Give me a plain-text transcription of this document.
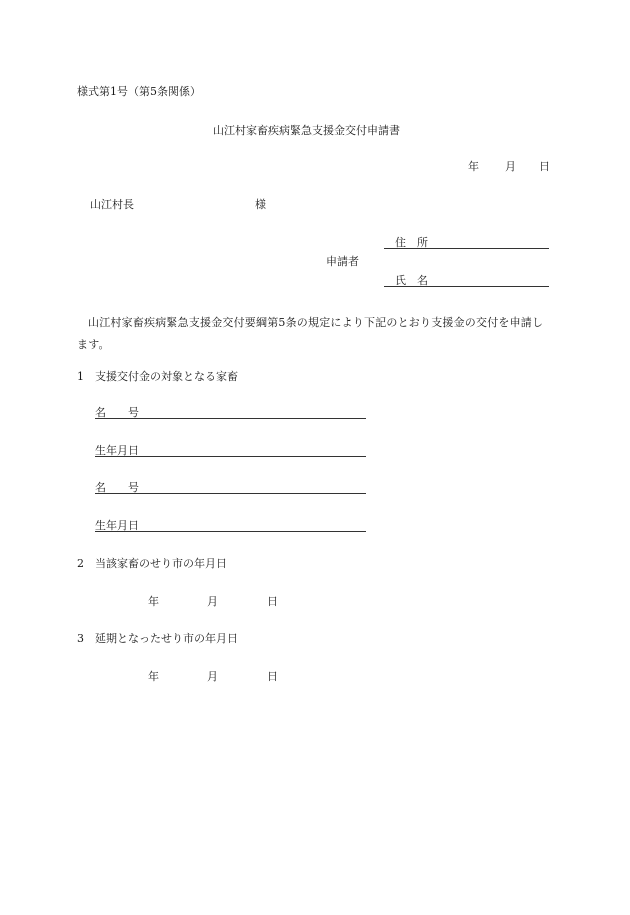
様式第1号（第5条関係）
山江村家畜疾病緊急支援金交付申請書
年 月 日
山江村長	様
住　所
申請者
氏　名
山江村家畜疾病緊急支援金交付要綱第5条の規定により下記のとおり支援金の交付を申請します。
1 支援交付金の対象となる家畜
名　　号
生年月日
名　　号
生年月日
2 当該家畜のせり市の年月日
年	月	日
3 延期となったせり市の年月日
年	月	日
